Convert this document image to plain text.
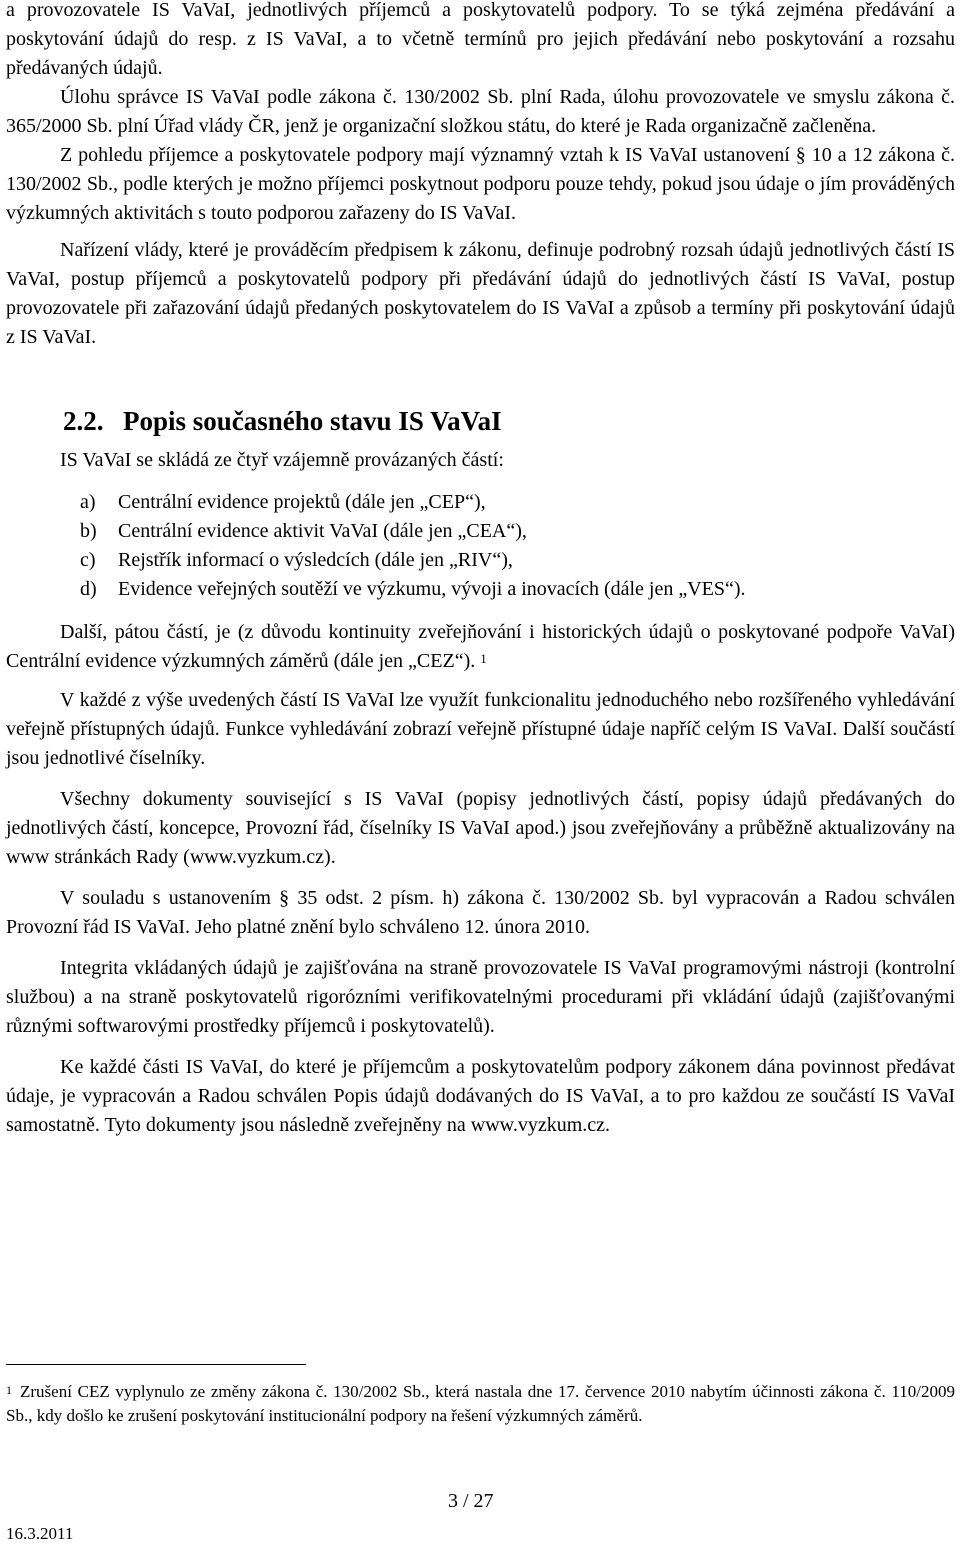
a provozovatele IS VaVaI, jednotlivých příjemců a poskytovatelů podpory. To se týká zejména předávání a poskytování údajů do resp. z IS VaVaI, a to včetně termínů pro jejich předávání nebo poskytování a rozsahu předávaných údajů.

Úlohu správce IS VaVaI podle zákona č. 130/2002 Sb. plní Rada, úlohu provozovatele ve smyslu zákona č. 365/2000 Sb. plní Úřad vlády ČR, jenž je organizační složkou státu, do které je Rada organizačně začleněna.

Z pohledu příjemce a poskytovatele podpory mají významný vztah k IS VaVaI ustanovení § 10 a 12 zákona č. 130/2002 Sb., podle kterých je možno příjemci poskytnout podporu pouze tehdy, pokud jsou údaje o jím prováděných výzkumných aktivitách s touto podporou zařazeny do IS VaVaI.

Nařízení vlády, které je prováděcím předpisem k zákonu, definuje podrobný rozsah údajů jednotlivých částí IS VaVaI, postup příjemců a poskytovatelů podpory při předávání údajů do jednotlivých částí IS VaVaI, postup provozovatele při zařazování údajů předaných poskytovatelem do IS VaVaI a způsob a termíny při poskytování údajů z IS VaVaI.

2.2. Popis současného stavu IS VaVaI

IS VaVaI se skládá ze čtyř vzájemně provázaných částí:

a)	Centrální evidence projektů (dále jen „CEP“),
b)	Centrální evidence aktivit VaVaI (dále jen „CEA“),
c)	Rejstřík informací o výsledcích (dále jen „RIV“),
d)	Evidence veřejných soutěží ve výzkumu, vývoji a inovacích (dále jen „VES“).

Další, pátou částí, je (z důvodu kontinuity zveřejňování i historických údajů o poskytované podpoře VaVaI) Centrální evidence výzkumných záměrů (dále jen „CEZ“). $^1$

V každé z výše uvedených částí IS VaVaI lze využít funkcionalitu jednoduchého nebo rozšířeného vyhledávání veřejně přístupných údajů. Funkce vyhledávání zobrazí veřejně přístupné údaje napříč celým IS VaVaI. Další součástí jsou jednotlivé číselníky.

Všechny dokumenty související s IS VaVaI (popisy jednotlivých částí, popisy údajů předávaných do jednotlivých částí, koncepce, Provozní řád, číselníky IS VaVaI apod.) jsou zveřejňovány a průběžně aktualizovány na www stránkách Rady (www.vyzkum.cz).

V souladu s ustanovením § 35 odst. 2 písm. h) zákona č. 130/2002 Sb. byl vypracován a Radou schválen Provozní řád IS VaVaI. Jeho platné znění bylo schváleno 12. února 2010.

Integrita vkládaných údajů je zajišťována na straně provozovatele IS VaVaI programovými nástroji (kontrolní službou) a na straně poskytovatelů rigorózními verifikovatelnými procedurami při vkládání údajů (zajišťovanými různými softwarovými prostředky příjemců i poskytovatelů).

Ke každé části IS VaVaI, do které je příjemcům a poskytovatelům podpory zákonem dána povinnost předávat údaje, je vypracován a Radou schválen Popis údajů dodávaných do IS VaVaI, a to pro každou ze součástí IS VaVaI samostatně. Tyto dokumenty jsou následně zveřejněny na www.vyzkum.cz.

$^1$ Zrušení CEZ vyplynulo ze změny zákona č. 130/2002 Sb., která nastala dne 17. července 2010 nabytím účinnosti zákona č. 110/2009 Sb., kdy došlo ke zrušení poskytování institucionální podpory na řešení výzkumných záměrů.

3 / 27
16.3.2011
